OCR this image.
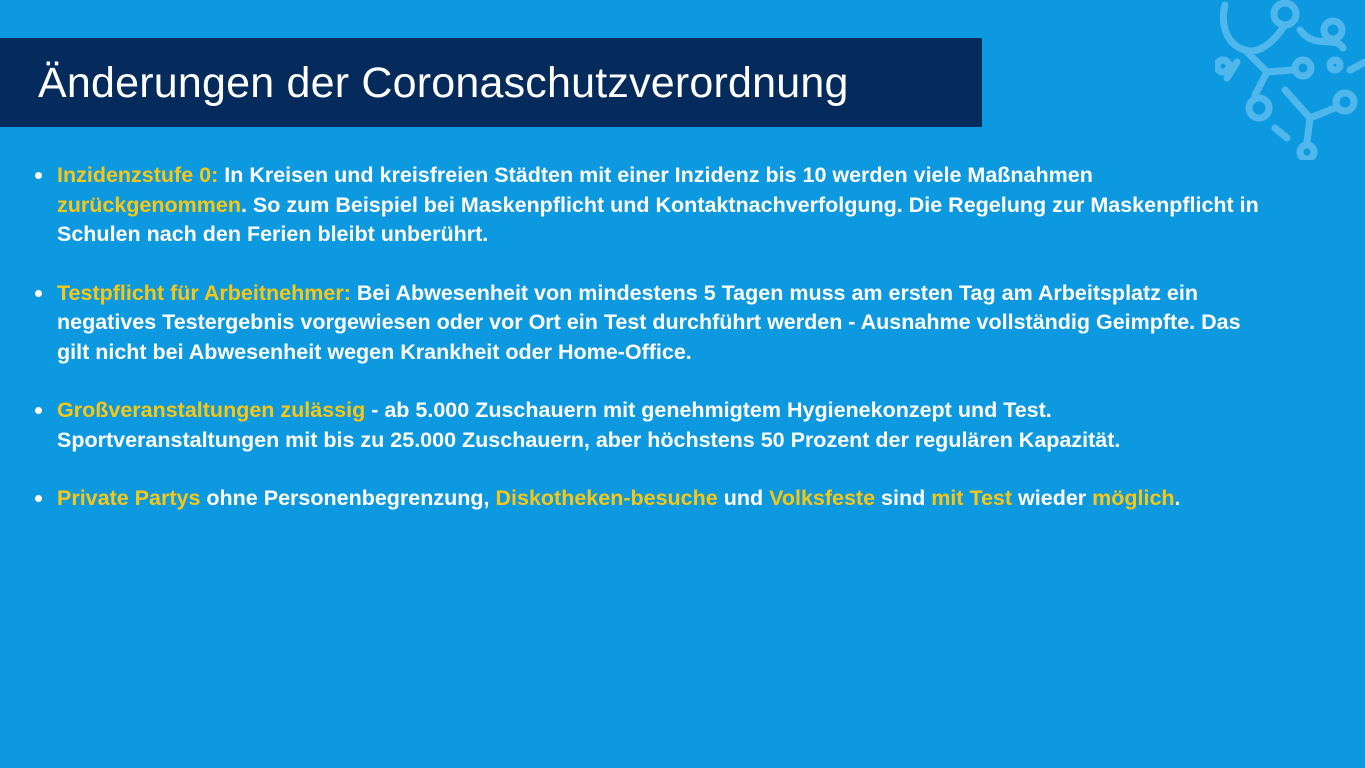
Änderungen der Coronaschutzverordnung
Inzidenzstufe 0: In Kreisen und kreisfreien Städten mit einer Inzidenz bis 10 werden viele Maßnahmen zurückgenommen. So zum Beispiel bei Maskenpflicht und Kontaktnachverfolgung. Die Regelung zur Maskenpflicht in Schulen nach den Ferien bleibt unberührt.
Testpflicht für Arbeitnehmer: Bei Abwesenheit von mindestens 5 Tagen muss am ersten Tag am Arbeitsplatz ein negatives Testergebnis vorgewiesen oder vor Ort ein Test durchführt werden - Ausnahme vollständig Geimpfte. Das gilt nicht bei Abwesenheit wegen Krankheit oder Home-Office.
Großveranstaltungen zulässig - ab 5.000 Zuschauern mit genehmigtem Hygienekonzept und Test. Sportveranstaltungen mit bis zu 25.000 Zuschauern, aber höchstens 50 Prozent der regulären Kapazität.
Private Partys ohne Personenbegrenzung, Diskotheken-besuche und Volksfeste sind mit Test wieder möglich.
